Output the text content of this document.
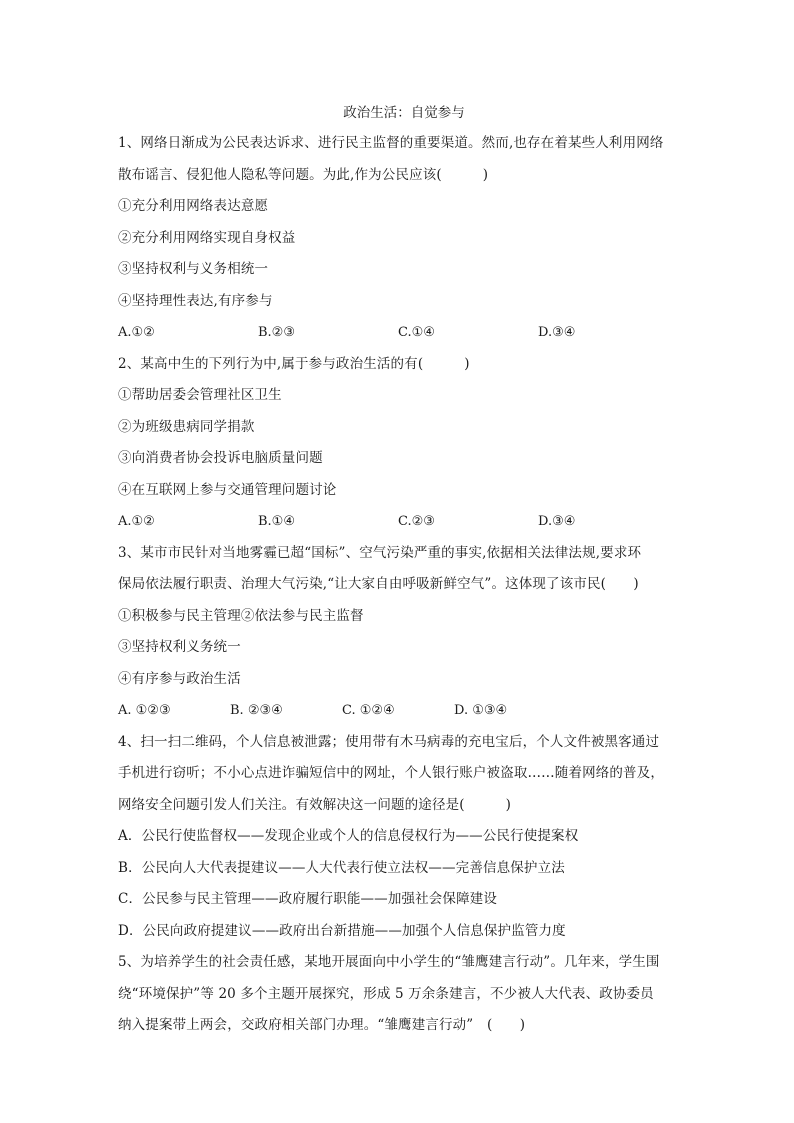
政治生活：自觉参与
1、网络日渐成为公民表达诉求、进行民主监督的重要渠道。然而,也存在着某些人利用网络
散布谣言、侵犯他人隐私等问题。为此,作为公民应该(　　　)
①充分利用网络表达意愿
②充分利用网络实现自身权益
③坚持权利与义务相统一
④坚持理性表达,有序参与
A.①②	B.②③	C.①④	D.③④
2、某高中生的下列行为中,属于参与政治生活的有(　　　)
①帮助居委会管理社区卫生
②为班级患病同学捐款
③向消费者协会投诉电脑质量问题
④在互联网上参与交通管理问题讨论
A.①②	B.①④	C.②③	D.③④
3、某市市民针对当地雾霾已超“国标”、空气污染严重的事实,依据相关法律法规,要求环
保局依法履行职责、治理大气污染,“让大家自由呼吸新鲜空气”。这体现了该市民(　　)
①积极参与民主管理②依法参与民主监督
③坚持权利义务统一
④有序参与政治生活
A. ①②③	B. ②③④	C. ①②④	D. ①③④
4、扫一扫二维码，个人信息被泄露；使用带有木马病毒的充电宝后，个人文件被黑客通过
手机进行窃听；不小心点进诈骗短信中的网址，个人银行账户被盗取……随着网络的普及，
网络安全问题引发人们关注。有效解决这一问题的途径是(　　　)
A．公民行使监督权——发现企业或个人的信息侵权行为——公民行使提案权
B．公民向人大代表提建议——人大代表行使立法权——完善信息保护立法
C．公民参与民主管理——政府履行职能——加强社会保障建设
D．公民向政府提建议——政府出台新措施——加强个人信息保护监管力度
5、为培养学生的社会责任感，某地开展面向中小学生的“雏鹰建言行动”。几年来，学生围
绕“环境保护”等 20 多个主题开展探究，形成 5 万余条建言，不少被人大代表、政协委员
纳入提案带上两会，交政府相关部门办理。“雏鹰建言行动”　(　　)
